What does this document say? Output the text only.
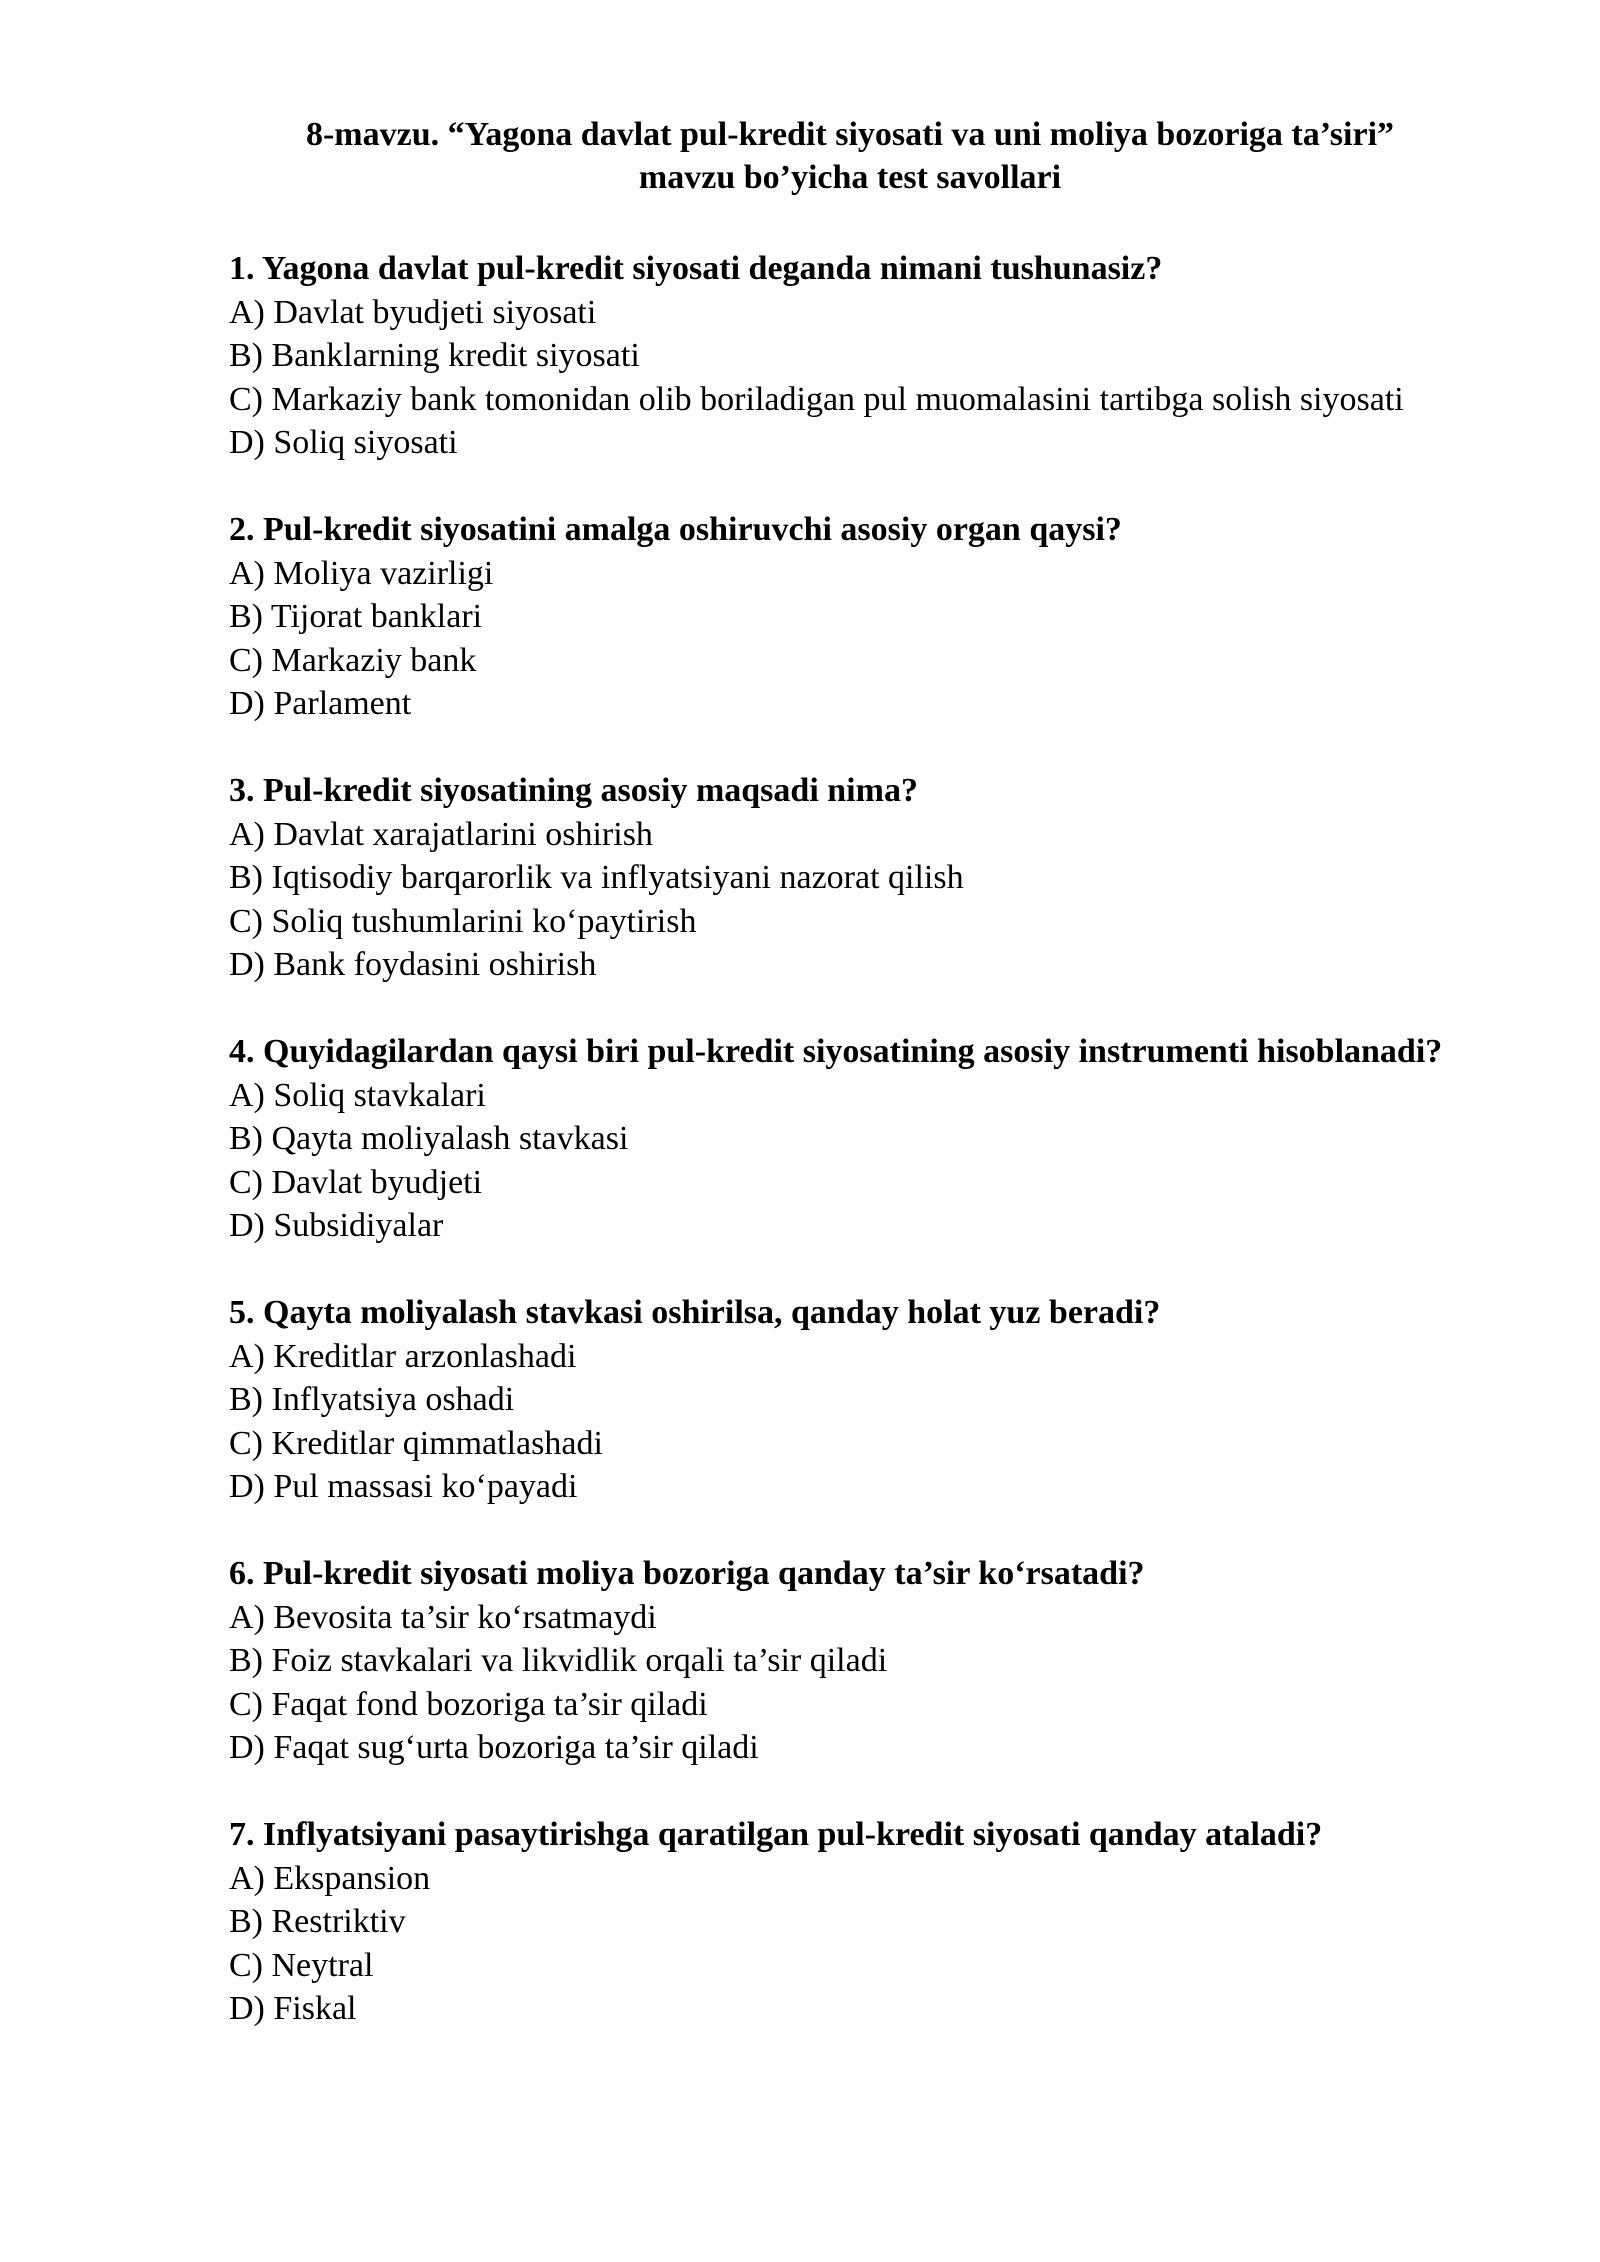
8-mavzu. “Yagona davlat pul-kredit siyosati va uni moliya bozoriga ta’siri”
mavzu bo’yicha test savollari
1. Yagona davlat pul-kredit siyosati deganda nimani tushunasiz?
A) Davlat byudjeti siyosati
B) Banklarning kredit siyosati
C) Markaziy bank tomonidan olib boriladigan pul muomalasini tartibga solish siyosati
D) Soliq siyosati
2. Pul-kredit siyosatini amalga oshiruvchi asosiy organ qaysi?
A) Moliya vazirligi
B) Tijorat banklari
C) Markaziy bank
D) Parlament
3. Pul-kredit siyosatining asosiy maqsadi nima?
A) Davlat xarajatlarini oshirish
B) Iqtisodiy barqarorlik va inflyatsiyani nazorat qilish
C) Soliq tushumlarini ko‘paytirish
D) Bank foydasini oshirish
4. Quyidagilardan qaysi biri pul-kredit siyosatining asosiy instrumenti hisoblanadi?
A) Soliq stavkalari
B) Qayta moliyalash stavkasi
C) Davlat byudjeti
D) Subsidiyalar
5. Qayta moliyalash stavkasi oshirilsa, qanday holat yuz beradi?
A) Kreditlar arzonlashadi
B) Inflyatsiya oshadi
C) Kreditlar qimmatlashadi
D) Pul massasi ko‘payadi
6. Pul-kredit siyosati moliya bozoriga qanday ta’sir ko‘rsatadi?
A) Bevosita ta’sir ko‘rsatmaydi
B) Foiz stavkalari va likvidlik orqali ta’sir qiladi
C) Faqat fond bozoriga ta’sir qiladi
D) Faqat sug‘urta bozoriga ta’sir qiladi
7. Inflyatsiyani pasaytirishga qaratilgan pul-kredit siyosati qanday ataladi?
A) Ekspansion
B) Restriktiv
C) Neytral
D) Fiskal
